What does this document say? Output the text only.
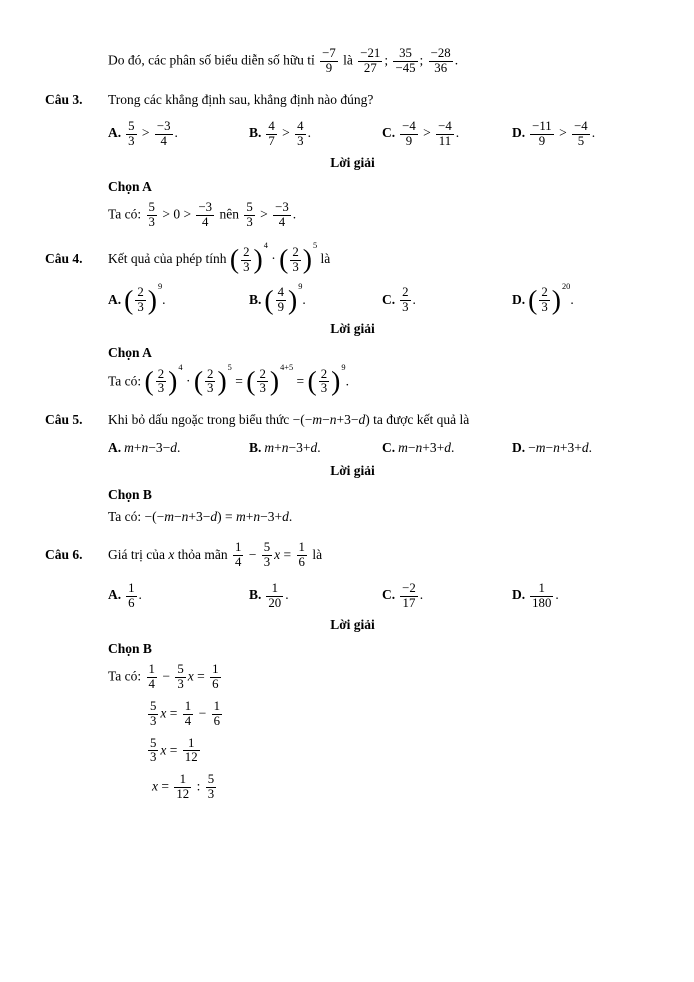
Do đó, các phân số biểu diễn số hữu tỉ $\frac{-7}{9}$ là $\frac{-21}{27}$ ; $\frac{35}{-45}$ ; $\frac{-28}{36}$ .
Câu 3. Trong các khẳng định sau, khẳng định nào đúng?
A. $\frac{5}{3} > \frac{-3}{4}$ .	B. $\frac{4}{7} > \frac{4}{3}$ .	C. $\frac{-4}{9} > \frac{-4}{11}$ .	D. $\frac{-11}{9} > \frac{-4}{5}$ .
Lời giải
Chọn A
Ta có: $\frac{5}{3} > 0 > \frac{-3}{4}$ nên $\frac{5}{3} > \frac{-3}{4}$ .
Câu 4. Kết quả của phép tính ( $\frac{2}{3} )^4$ · ( $\frac{2}{3} )^5$ là
A. ( $\frac{2}{3} )^9$.	B. ( $\frac{4}{9} )^9$.	C. $\frac{2}{3}$ .	D. ( $\frac{2}{3} )^{20}$.
Lời giải
Chọn A
Ta có: ( $\frac{2}{3} )^4$ · ( $\frac{2}{3} )^5$ = ( $\frac{2}{3} )^{4+5}$ = ( $\frac{2}{3} )^9$.
Câu 5. Khi bỏ dấu ngoặc trong biểu thức −(−m−n+3−d) ta được kết quả là
A. m+n−3−d.	B. m+n−3+d.	C. m−n+3+d.	D. −m−n+3+d.
Lời giải
Chọn B
Ta có: −(−m−n+3−d) = m+n−3+d.
Câu 6. Giá trị của x thỏa mãn $\frac{1}{4} - \frac{5}{3}$ $x = \frac{1}{6}$ là
A. $\frac{1}{6}$ .	B. $\frac{1}{20}$ .	C. $\frac{-2}{17}$ .	D. $\frac{1}{180}$ .
Lời giải
Chọn B
Ta có: $\frac{1}{4} - \frac{5}{3}$ $x = \frac{1}{6}$
$\frac{5}{3}$ $x = \frac{1}{4} - \frac{1}{6}$
$\frac{5}{3}$ $x = \frac{1}{12}$
$x = \frac{1}{12}$ : $\frac{5}{3}$
